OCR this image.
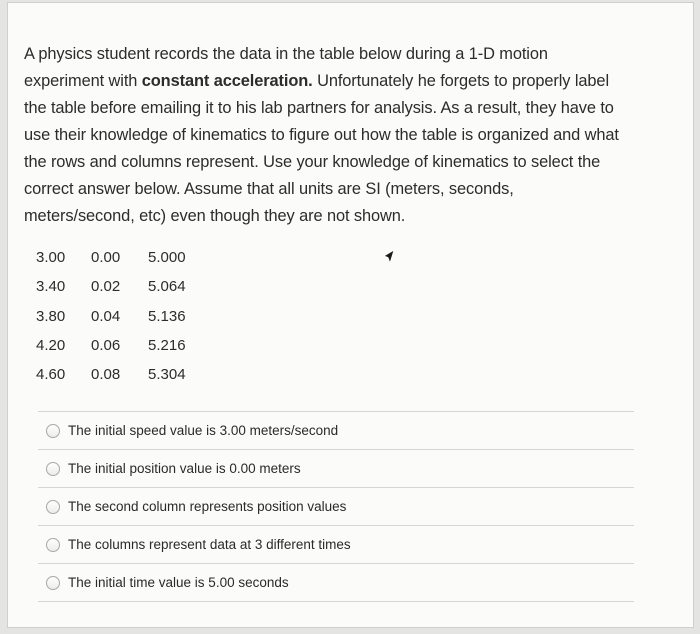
A physics student records the data in the table below during a 1-D motion

experiment with constant acceleration. Unfortunately he forgets to properly label

the table before emailing it to his lab partners for analysis. As a result, they have to

use their knowledge of kinematics to figure out how the table is organized and what

the rows and columns represent. Use your knowledge of kinematics to select the

correct answer below. Assume that all units are SI (meters, seconds,

meters/second, etc) even though they are not shown.

3.00	0.00	5.000
3.40	0.02	5.064
3.80	0.04	5.136
4.20	0.06	5.216
4.60	0.08	5.304
The initial speed value is 3.00 meters/second
The initial position value is 0.00 meters
The second column represents position values
The columns represent data at 3 different times
The initial time value is 5.00 seconds
